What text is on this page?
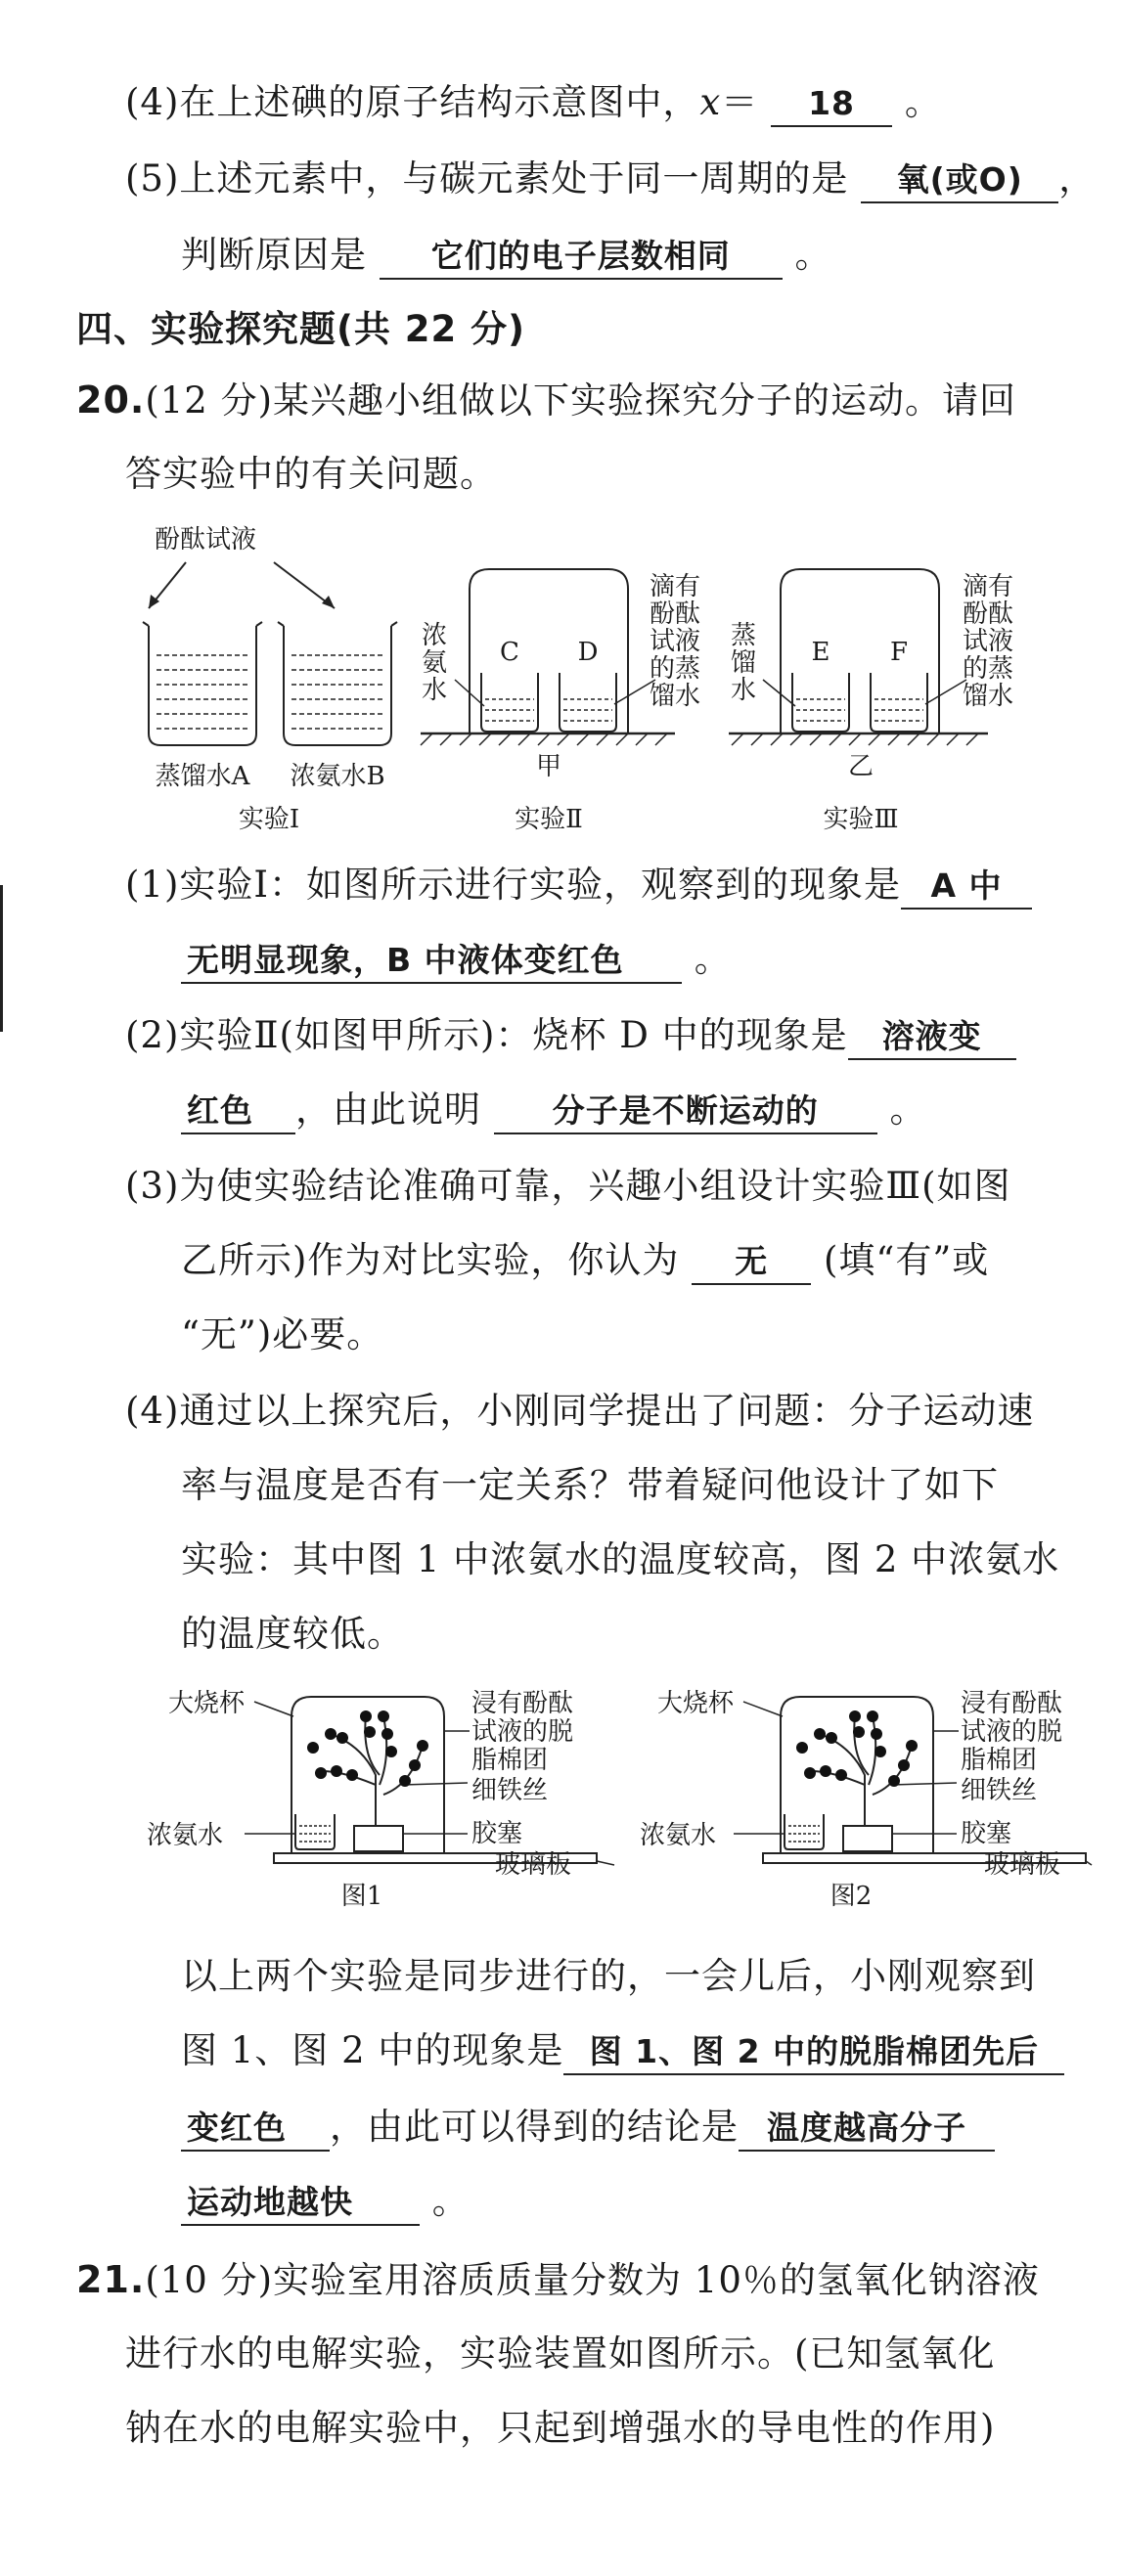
(4)在上述碘的原子结构示意图中，x＝ 18 。
(5)上述元素中，与碳元素处于同一周期的是 氧(或O) ，
判断原因是 它们的电子层数相同 。
四、实验探究题(共 22 分)
20.(12 分)某兴趣小组做以下实验探究分子的运动。请回
答实验中的有关问题。
酚酞试液
蒸馏水A 浓氨水B
实验Ⅰ
浓
氨
水
C D
滴有
酚酞
试液
的蒸
馏水
甲
实验Ⅱ
蒸
馏
水
E F
滴有
酚酞
试液
的蒸
馏水
乙
实验Ⅲ
(1)实验Ⅰ：如图所示进行实验，观察到的现象是 A 中
无明显现象，B 中液体变红色 。
(2)实验Ⅱ(如图甲所示)：烧杯 D 中的现象是 溶液变
红色 ，由此说明 分子是不断运动的 。
(3)为使实验结论准确可靠，兴趣小组设计实验Ⅲ(如图
乙所示)作为对比实验，你认为 无 (填“有”或
“无”)必要。
(4)通过以上探究后，小刚同学提出了问题：分子运动速
率与温度是否有一定关系？带着疑问他设计了如下
实验：其中图 1 中浓氨水的温度较高，图 2 中浓氨水
的温度较低。
大烧杯	浸有酚酞
试液的脱
脂棉团
细铁丝
胶塞
玻璃板
浓氨水
图1
大烧杯	浸有酚酞
试液的脱
脂棉团
细铁丝
胶塞
玻璃板
浓氨水
图2
以上两个实验是同步进行的，一会儿后，小刚观察到
图 1、图 2 中的现象是 图 1、图 2 中的脱脂棉团先后
变红色 ，由此可以得到的结论是 温度越高分子
运动地越快 。
21.(10 分)实验室用溶质质量分数为 10％的氢氧化钠溶液
进行水的电解实验，实验装置如图所示。(已知氢氧化
钠在水的电解实验中，只起到增强水的导电性的作用)
